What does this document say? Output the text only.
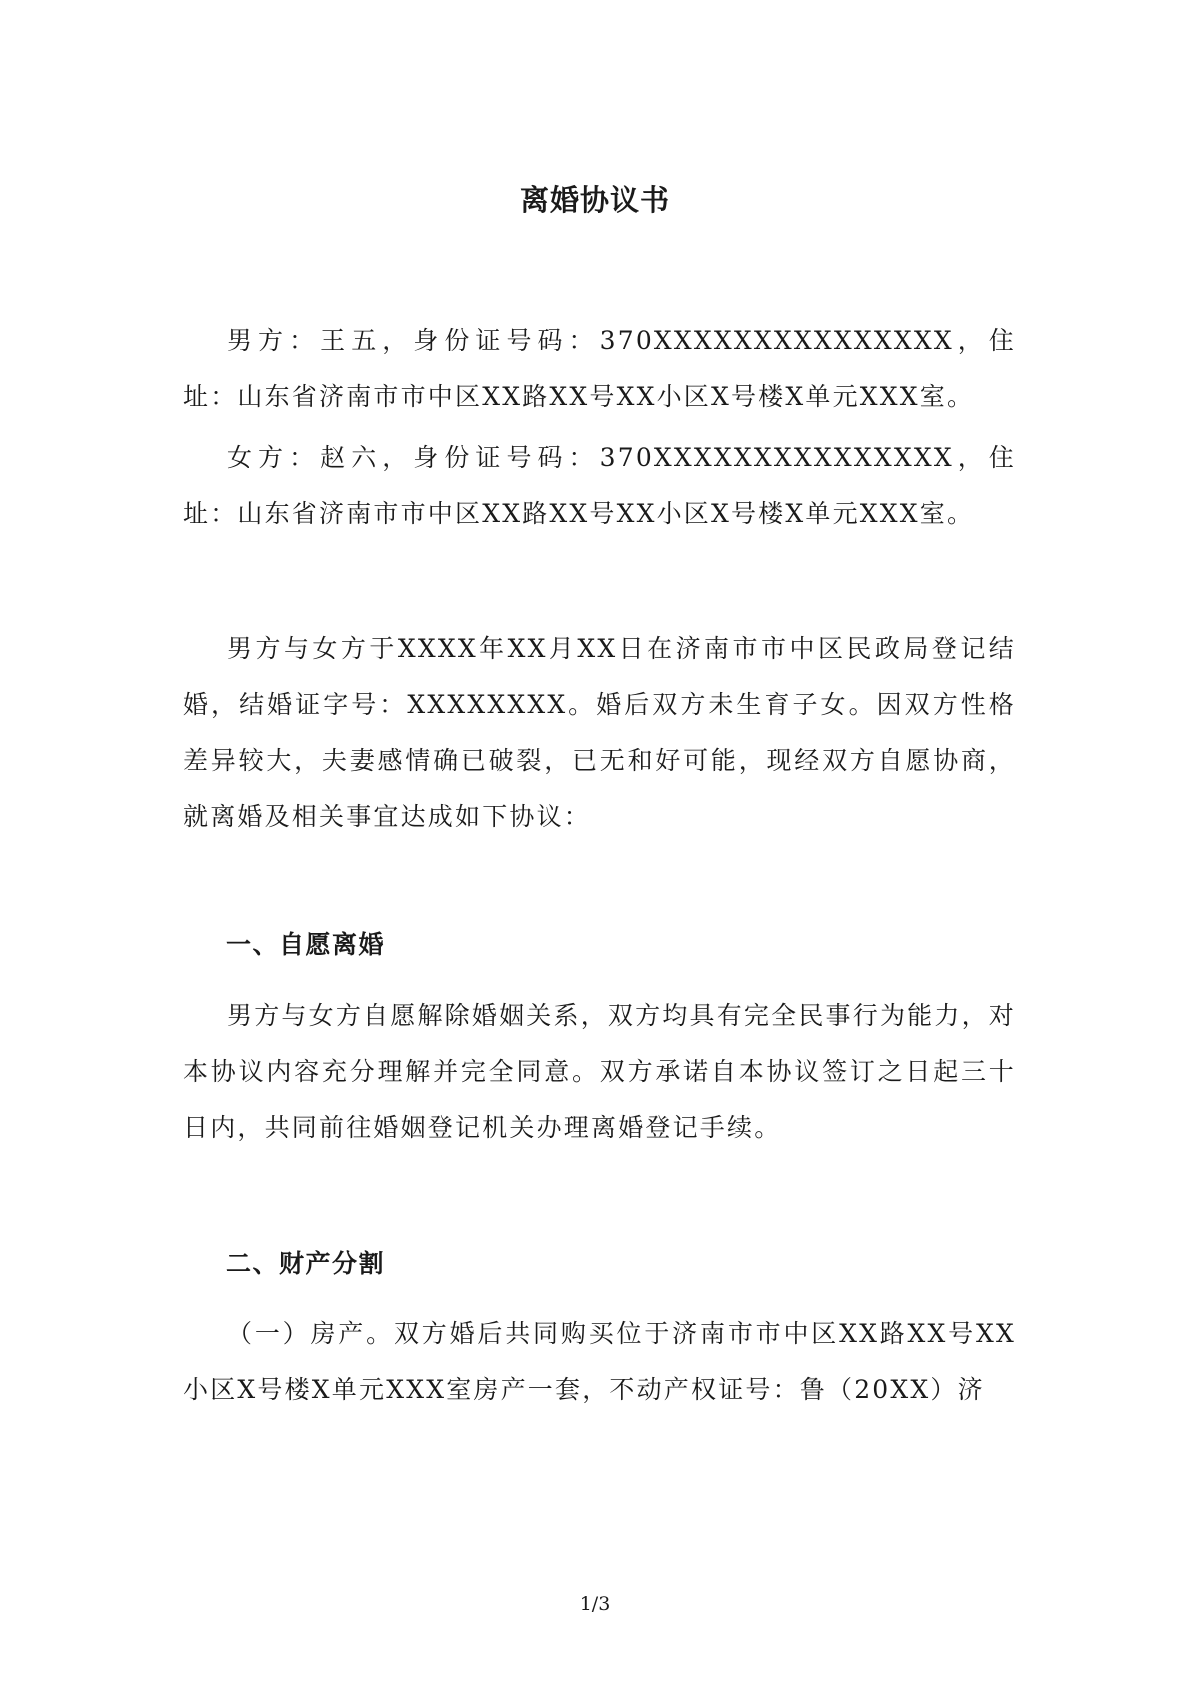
离婚协议书

男方：王五，身份证号码：370XXXXXXXXXXXXXXX，住址：山东省济南市市中区XX路XX号XX小区X号楼X单元XXX室。

女方：赵六，身份证号码：370XXXXXXXXXXXXXXX，住址：山东省济南市市中区XX路XX号XX小区X号楼X单元XXX室。

男方与女方于XXXX年XX月XX日在济南市市中区民政局登记结婚，结婚证字号：XXXXXXXX。婚后双方未生育子女。因双方性格差异较大，夫妻感情确已破裂，已无和好可能，现经双方自愿协商，就离婚及相关事宜达成如下协议：

一、自愿离婚

男方与女方自愿解除婚姻关系，双方均具有完全民事行为能力，对本协议内容充分理解并完全同意。双方承诺自本协议签订之日起三十日内，共同前往婚姻登记机关办理离婚登记手续。

二、财产分割

（一）房产。双方婚后共同购买位于济南市市中区XX路XX号XX小区X号楼X单元XXX室房产一套，不动产权证号：鲁（20XX）济

1/3
